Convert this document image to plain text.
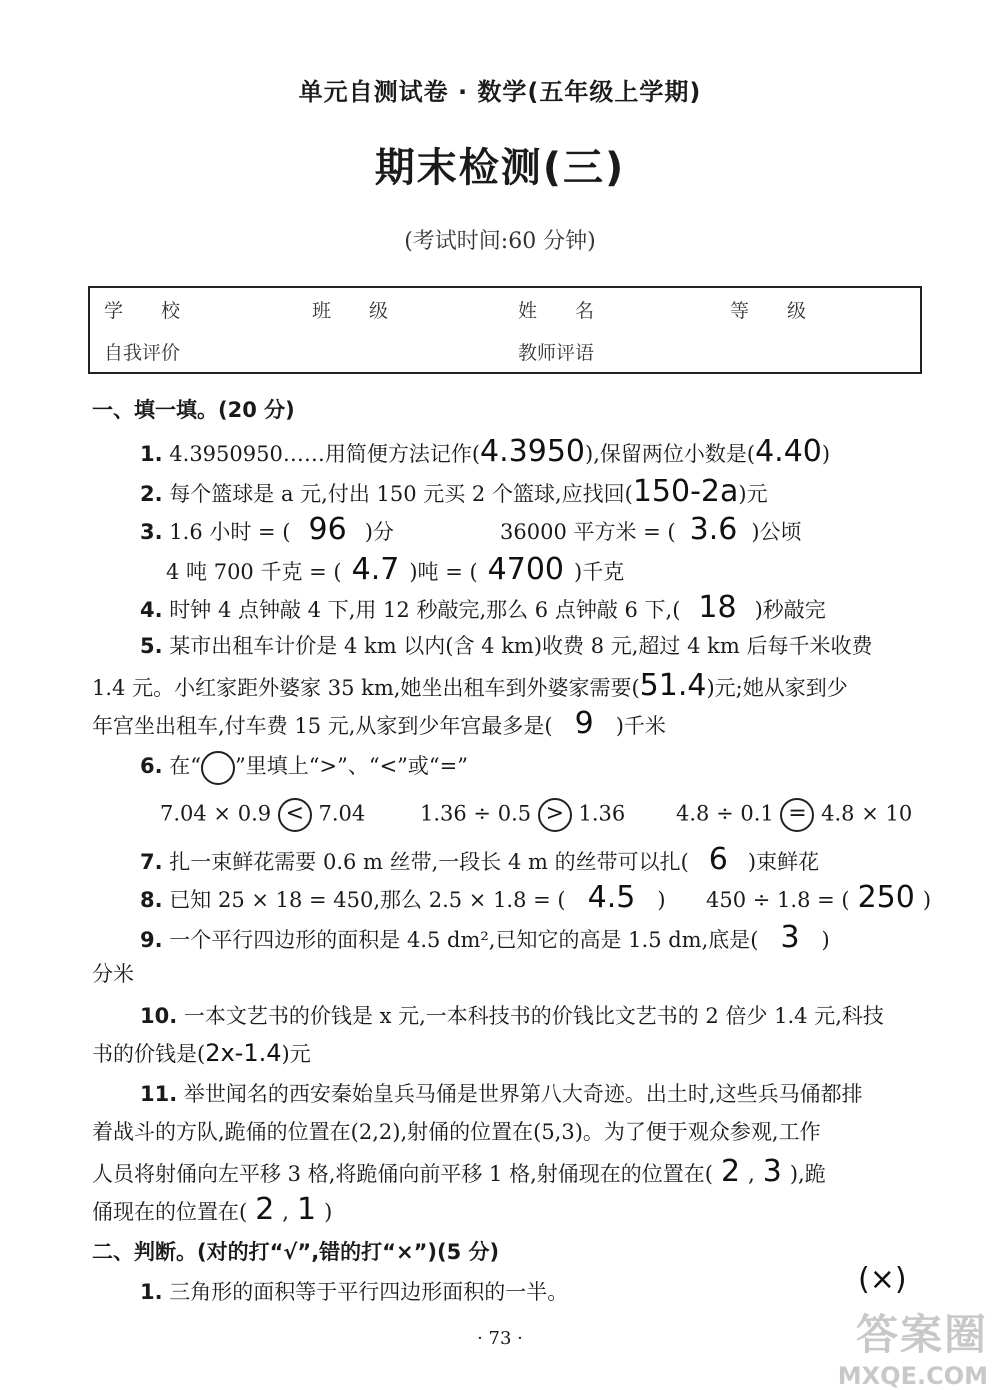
单元自测试卷 · 数学(五年级上学期)
期末检测(三)
(考试时间:60 分钟)
学　　校	班　　级	姓　　名	等　　级
自我评价	教师评语
一、填一填。(20 分)
1. 4.3950950……用简便方法记作(4.3950),保留两位小数是(4.40)
2. 每个篮球是 a 元,付出 150 元买 2 个篮球,应找回(150-2a)元
3. 1.6 小时 = ( 96 )分	36000 平方米 = ( 3.6 )公顷
4 吨 700 千克 = ( 4.7 )吨 = ( 4700 )千克
4. 时钟 4 点钟敲 4 下,用 12 秒敲完,那么 6 点钟敲 6 下,( 18 )秒敲完
5. 某市出租车计价是 4 km 以内(含 4 km)收费 8 元,超过 4 km 后每千米收费
1.4 元。小红家距外婆家 35 km,她坐出租车到外婆家需要(51.4)元;她从家到少
年宫坐出租车,付车费 15 元,从家到少年宫最多是( 9 )千米
6. 在“ ”里填上“>”、“<”或“=”
7.04 × 0.9 < 7.04	1.36 ÷ 0.5 > 1.36 4.8 ÷ 0.1 = 4.8 × 10
7. 扎一束鲜花需要 0.6 m 丝带,一段长 4 m 的丝带可以扎( 6 )束鲜花
8. 已知 25 × 18 = 450,那么 2.5 × 1.8 = ( 4.5 ) 450 ÷ 1.8 = ( 250 )
9. 一个平行四边形的面积是 4.5 dm²,已知它的高是 1.5 dm,底是( 3 )
分米
10. 一本文艺书的价钱是 x 元,一本科技书的价钱比文艺书的 2 倍少 1.4 元,科技
书的价钱是(2x-1.4)元
11. 举世闻名的西安秦始皇兵马俑是世界第八大奇迹。出土时,这些兵马俑都排
着战斗的方队,跪俑的位置在(2,2),射俑的位置在(5,3)。为了便于观众参观,工作
人员将射俑向左平移 3 格,将跪俑向前平移 1 格,射俑现在的位置在( 2 , 3 ),跪
俑现在的位置在( 2 , 1 )
二、判断。(对的打“√”,错的打“×”)(5 分)
1. 三角形的面积等于平行四边形面积的一半。	(×)
· 73 ·	答案圈
MXQE.COM
